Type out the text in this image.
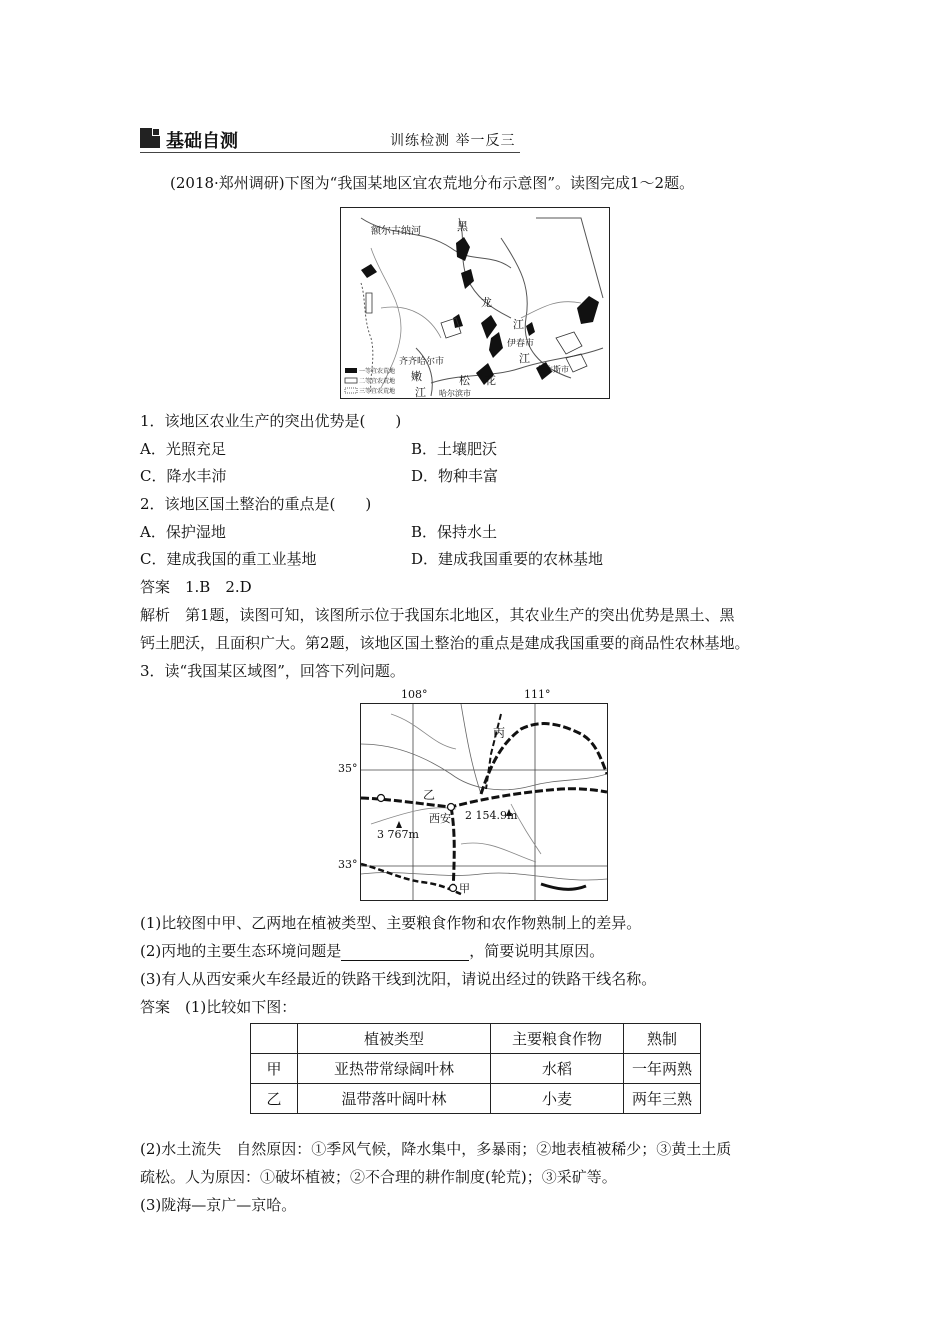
基础自测	训练检测 举一反三
(2018·郑州调研)下图为“我国某地区宜农荒地分布示意图”。读图完成1～2题。
额尔古纳河	黑
龙
江
伊春市
江
佳木斯市
齐齐哈尔市
嫩
江
松 花
哈尔滨市
一等宜农荒地
二等宜农荒地
三等宜农荒地
1．该地区农业生产的突出优势是(　　)
A．光照充足	B．土壤肥沃
C．降水丰沛	D．物种丰富
2．该地区国土整治的重点是(　　)
A．保护湿地	B．保持水土
C．建成我国的重工业基地	D．建成我国重要的农林基地
答案　1.B　2.D
解析　第1题，读图可知，该图所示位于我国东北地区，其农业生产的突出优势是黑土、黑
钙土肥沃，且面积广大。第2题，该地区国土整治的重点是建成我国重要的商品性农林基地。
3．读“我国某区域图”，回答下列问题。
108°	111°
35°
33°
丙
乙
西安
甲
3 767m
2 154.9m
(1)比较图中甲、乙两地在植被类型、主要粮食作物和农作物熟制上的差异。
(2)丙地的主要生态环境问题是	，简要说明其原因。
(3)有人从西安乘火车经最近的铁路干线到沈阳，请说出经过的铁路干线名称。
答案　(1)比较如下图：
	植被类型	主要粮食作物	熟制
甲	亚热带常绿阔叶林	水稻	一年两熟
乙	温带落叶阔叶林	小麦	两年三熟
(2)水土流失　自然原因：①季风气候，降水集中，多暴雨；②地表植被稀少；③黄土土质
疏松。人为原因：①破坏植被；②不合理的耕作制度(轮荒)；③采矿等。
(3)陇海—京广—京哈。
